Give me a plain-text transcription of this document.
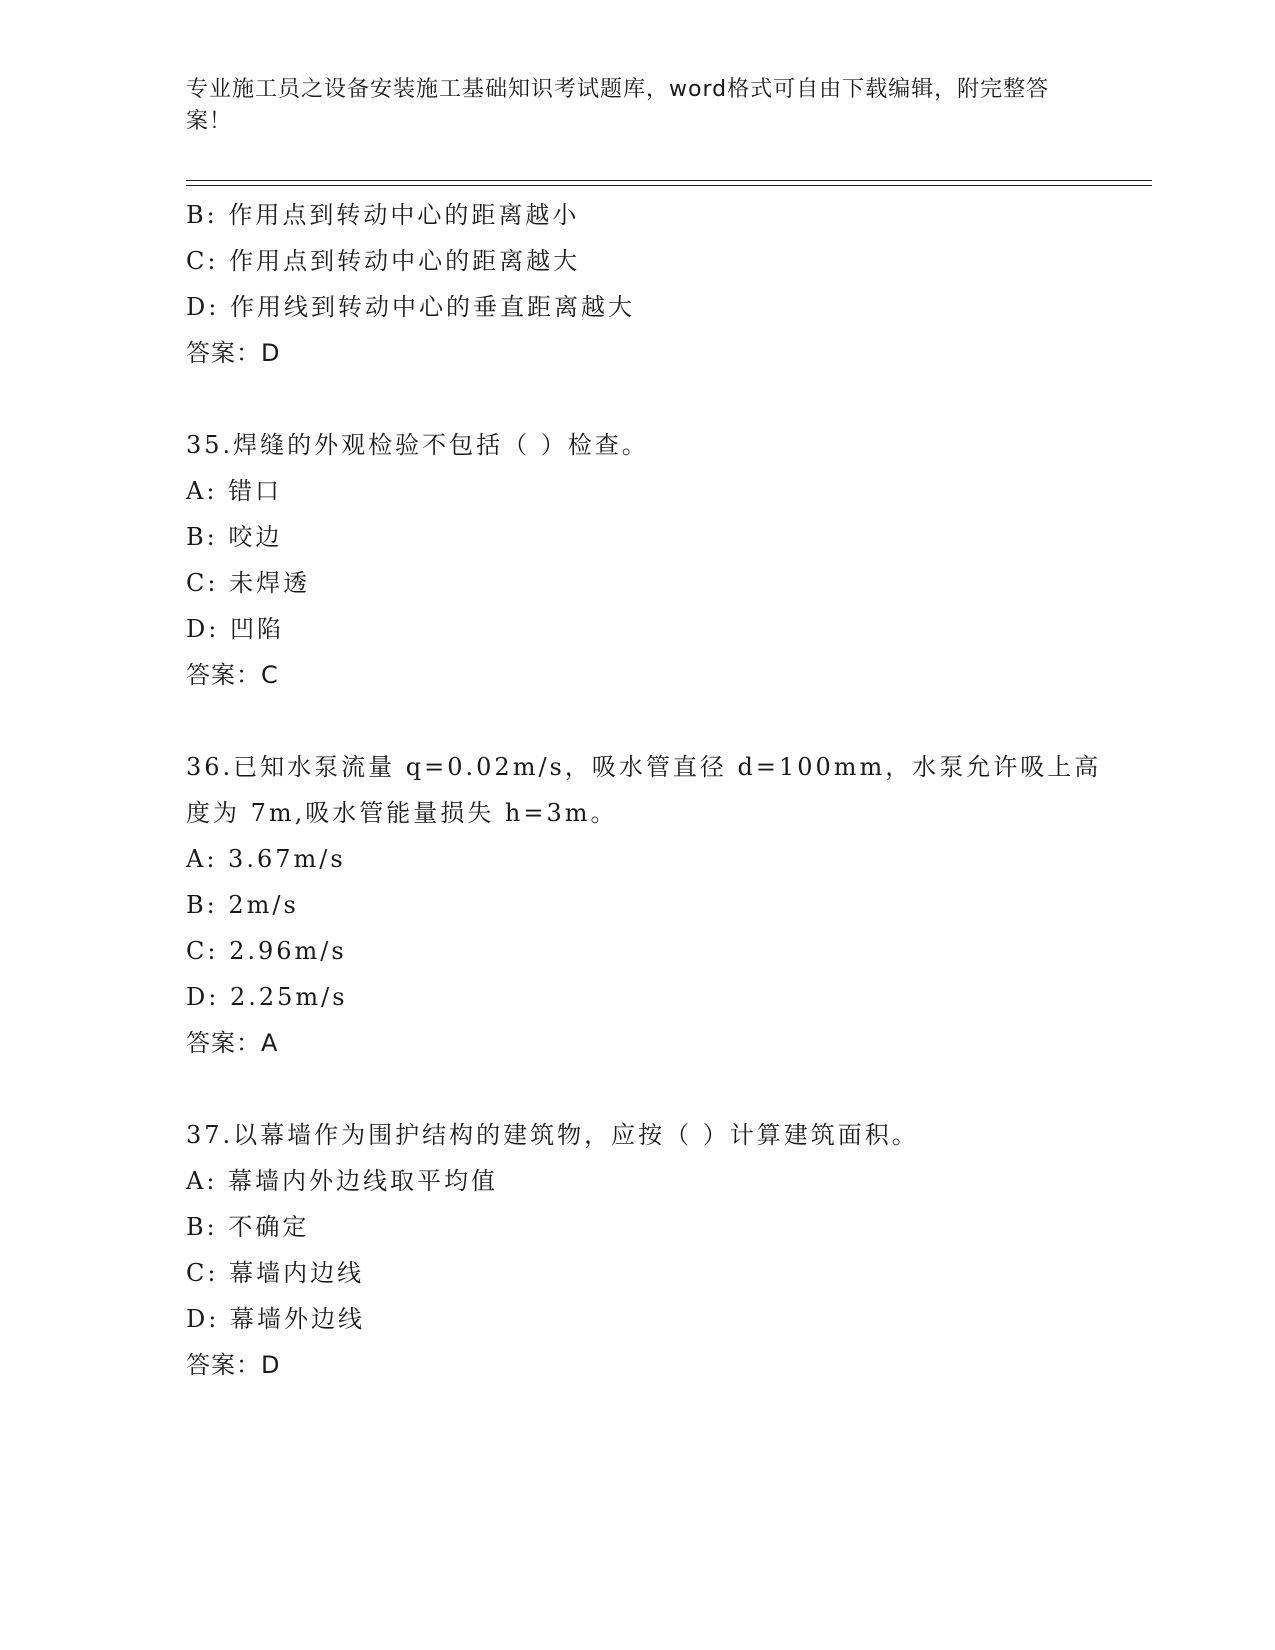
专业施工员之设备安装施工基础知识考试题库，word格式可自由下载编辑，附完整答案！
B: 作用点到转动中心的距离越小
C: 作用点到转动中心的距离越大
D: 作用线到转动中心的垂直距离越大
答案：D
35.焊缝的外观检验不包括（ ）检查。
A: 错口
B: 咬边
C: 未焊透
D: 凹陷
答案：C
36.已知水泵流量 q=0.02m/s，吸水管直径 d=100mm，水泵允许吸上高
度为 7m,吸水管能量损失 h=3m。
A: 3.67m/s
B: 2m/s
C: 2.96m/s
D: 2.25m/s
答案：A
37.以幕墙作为围护结构的建筑物，应按（ ）计算建筑面积。
A: 幕墙内外边线取平均值
B: 不确定
C: 幕墙内边线
D: 幕墙外边线
答案：D
